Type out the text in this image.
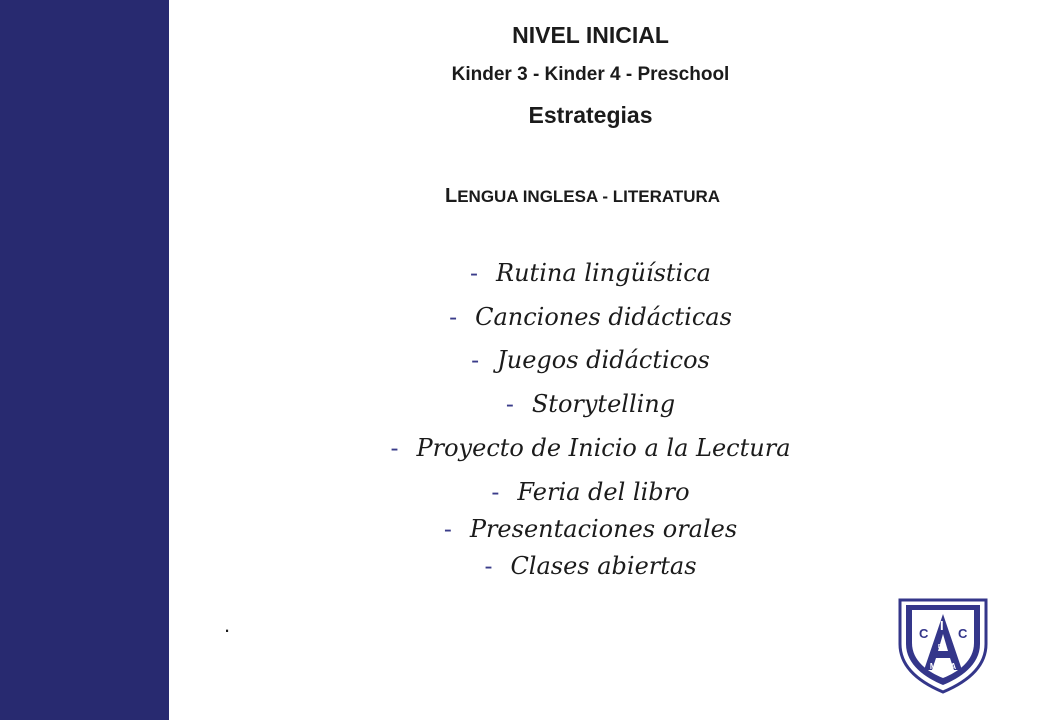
NIVEL INICIAL
Kinder 3 - Kinder 4 - Preschool
Estrategias
LENGUA INGLESA - LITERATURA
- Rutina lingüística
- Canciones didácticas
- Juegos didácticos
- Storytelling
- Proyecto de Inicio a la Lectura
- Feria del libro
- Presentaciones orales
- Clases abiertas
.	C
I
C
DE
MARIA
